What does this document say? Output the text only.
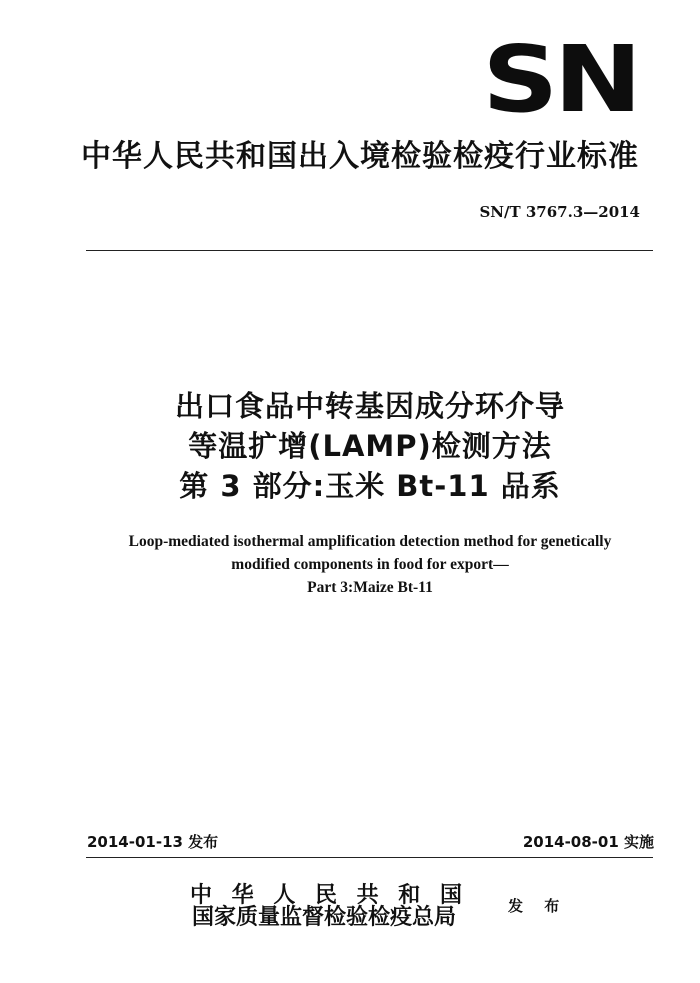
SN
中华人民共和国出入境检验检疫行业标准
SN/T 3767.3—2014
出口食品中转基因成分环介导
等温扩增(LAMP)检测方法
第 3 部分:玉米 Bt-11 品系
Loop-mediated isothermal amplification detection method for genetically
modified components in food for export—
Part 3:Maize Bt-11
2014-01-13 发布	2014-08-01 实施
中 华 人 民 共 和 国
国家质量监督检验检疫总局	发 布
